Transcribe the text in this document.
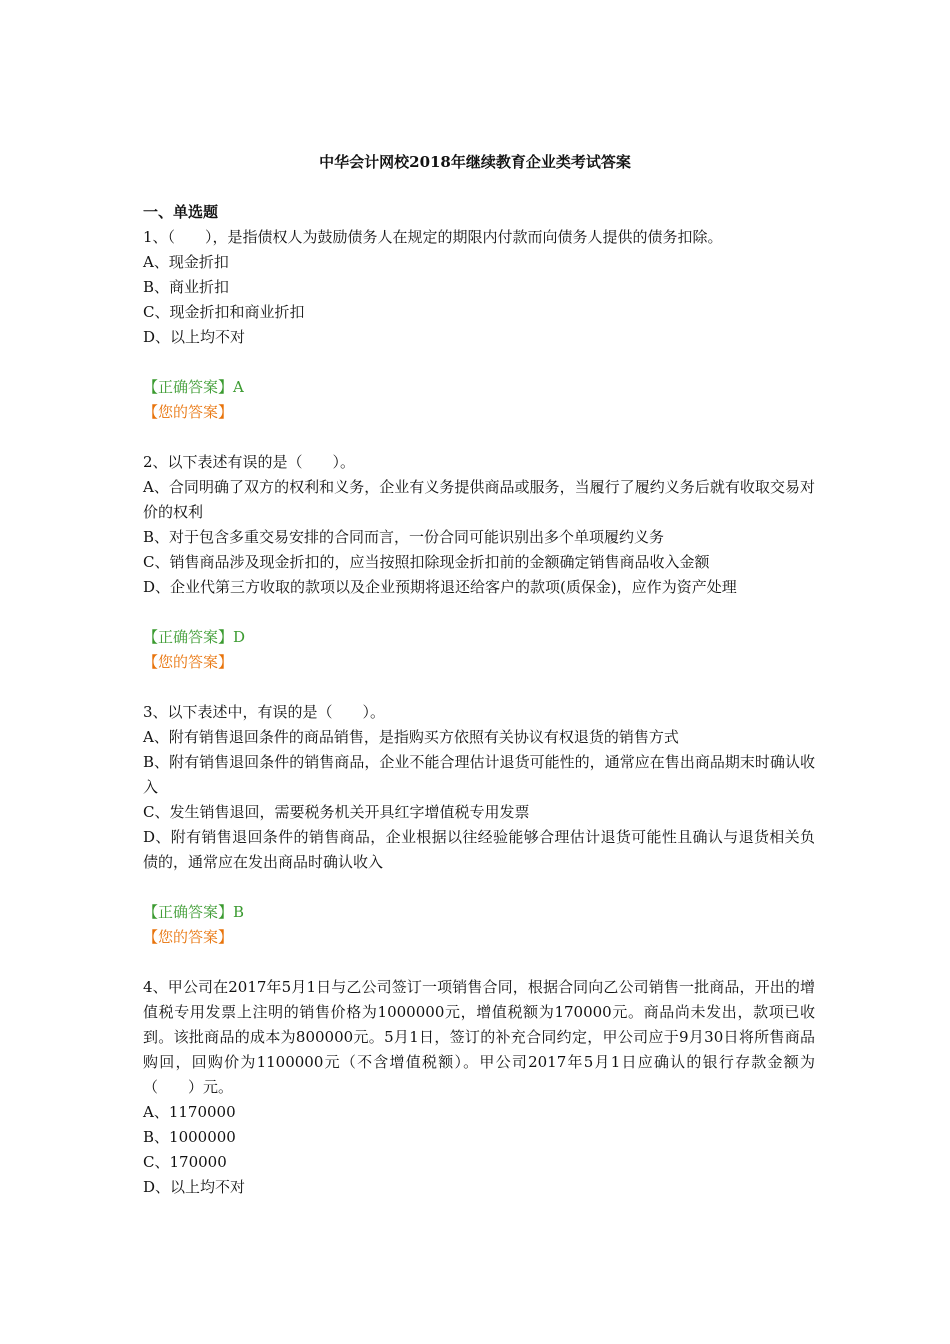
中华会计网校2018年继续教育企业类考试答案

一、单选题

1、（　　），是指债权人为鼓励债务人在规定的期限内付款而向债务人提供的债务扣除。

A、现金折扣

B、商业折扣

C、现金折扣和商业折扣

D、以上均不对

【正确答案】A

【您的答案】

2、以下表述有误的是（　　）。

A、合同明确了双方的权利和义务，企业有义务提供商品或服务，当履行了履约义务后就有收取交易对价的权利

B、对于包含多重交易安排的合同而言，一份合同可能识别出多个单项履约义务

C、销售商品涉及现金折扣的，应当按照扣除现金折扣前的金额确定销售商品收入金额

D、企业代第三方收取的款项以及企业预期将退还给客户的款项(质保金)，应作为资产处理

【正确答案】D

【您的答案】

3、以下表述中，有误的是（　　）。

A、附有销售退回条件的商品销售，是指购买方依照有关协议有权退货的销售方式

B、附有销售退回条件的销售商品，企业不能合理估计退货可能性的，通常应在售出商品期末时确认收入

C、发生销售退回，需要税务机关开具红字增值税专用发票

D、附有销售退回条件的销售商品，企业根据以往经验能够合理估计退货可能性且确认与退货相关负债的，通常应在发出商品时确认收入

【正确答案】B

【您的答案】

4、甲公司在2017年5月1日与乙公司签订一项销售合同，根据合同向乙公司销售一批商品，开出的增值税专用发票上注明的销售价格为1000000元，增值税额为170000元。商品尚未发出，款项已收到。该批商品的成本为800000元。5月1日，签订的补充合同约定，甲公司应于9月30日将所售商品购回，回购价为1100000元（不含增值税额）。甲公司2017年5月1日应确认的银行存款金额为（　　）元。

A、1170000

B、1000000

C、170000

D、以上均不对
